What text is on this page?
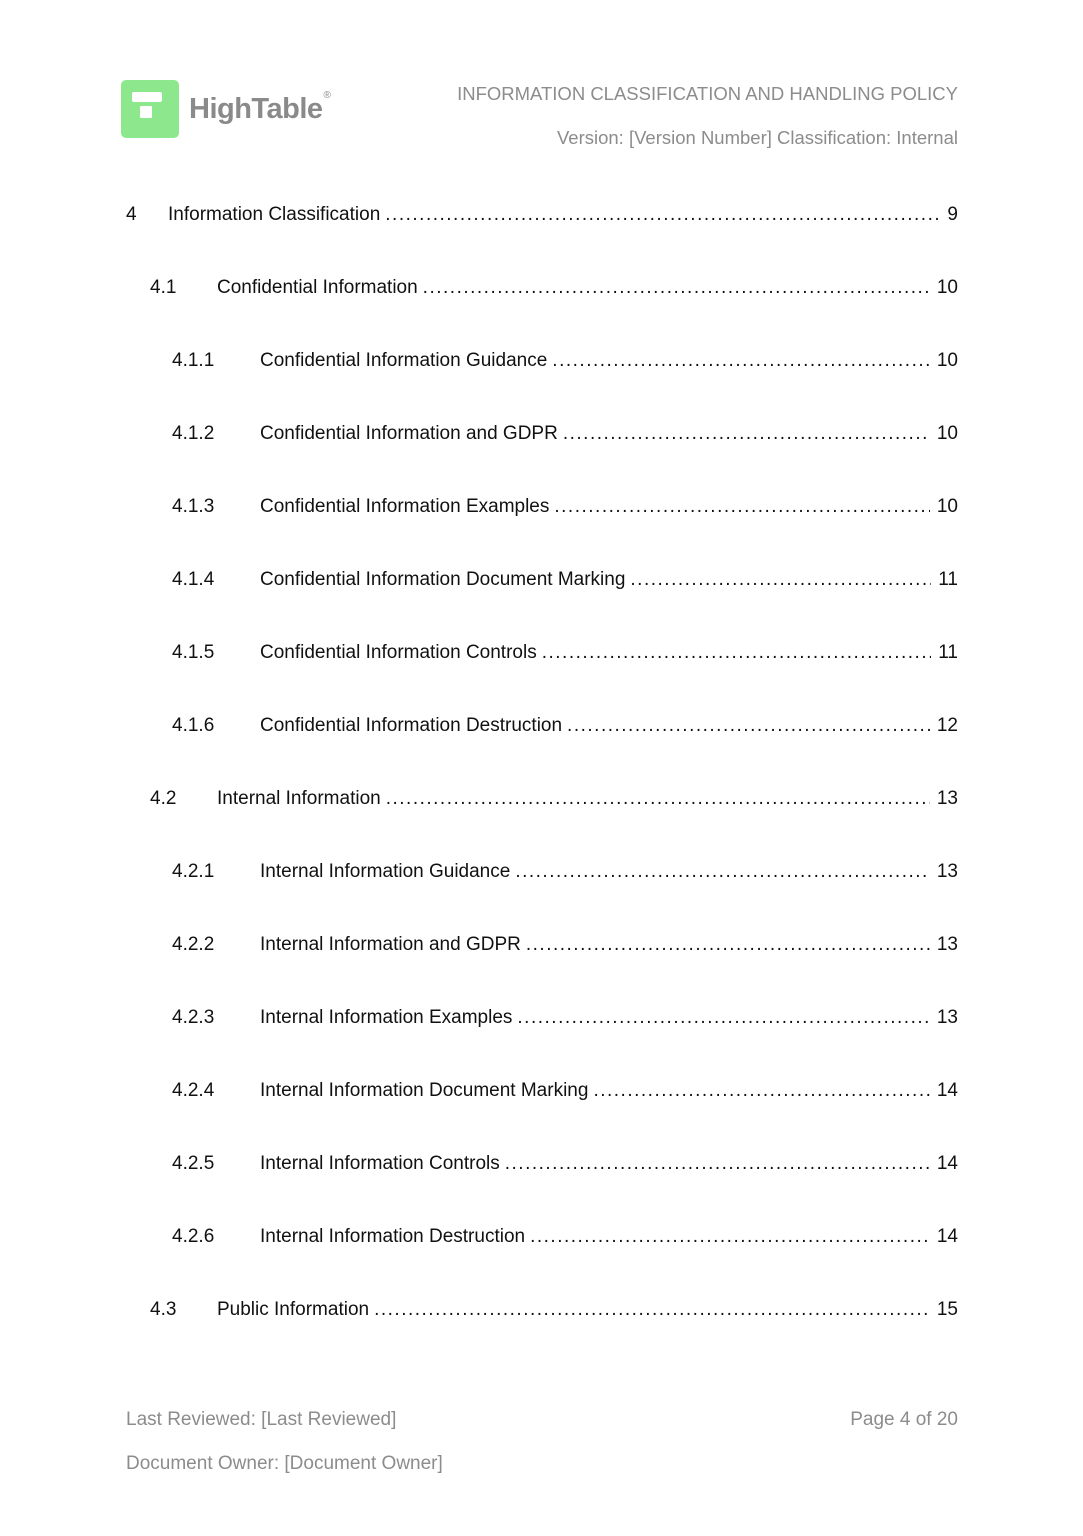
HighTable ®	INFORMATION CLASSIFICATION AND HANDLING POLICY
Version: [Version Number] Classification: Internal
4	Information Classification .....	9
4.1	Confidential Information .....	10
4.1.1	Confidential Information Guidance .....	10
4.1.2	Confidential Information and GDPR .....	10
4.1.3	Confidential Information Examples .....	10
4.1.4	Confidential Information Document Marking .....	11
4.1.5	Confidential Information Controls .....	11
4.1.6	Confidential Information Destruction .....	12
4.2	Internal Information .....	13
4.2.1	Internal Information Guidance .....	13
4.2.2	Internal Information and GDPR .....	13
4.2.3	Internal Information Examples .....	13
4.2.4	Internal Information Document Marking .....	14
4.2.5	Internal Information Controls .....	14
4.2.6	Internal Information Destruction .....	14
4.3	Public Information .....	15
Last Reviewed: [Last Reviewed]
Document Owner: [Document Owner]
Page 4 of 20
